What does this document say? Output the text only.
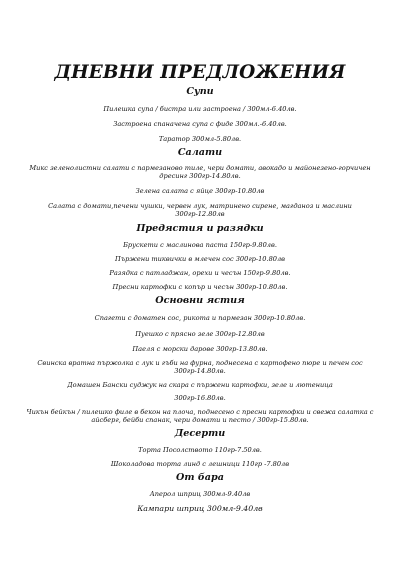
ДНЕВНИ ПРЕДЛОЖЕНИЯ
Супи
Пилешка супа / бистра или застроена / 300мл-6.40лв.
Застроена спаначена супа с фиде 300мл.-6.40лв.
Таратор 300мл-5.80лв.
Салати
Микс зеленолистни салати с пармезаново тиле, чери домати, авокадо и майонезено-горчичен дресинг 300гр-14.80лв.
Зелена салата с яйце 300гр-10.80лв
Салата с домати,печени чушки, червен лук, матринено сирене, магданоз и маслини 300гр-12.80лв
Предястия и разядки
Брускети с маслинова паста 150гр-9.80лв.
Пържени тиквички в млечен сос 300гр-10.80лв
Разядка с патладжан, орехи и чесън 150гр-9.80лв.
Пресни картофки с копър и чесън 300гр-10.80лв.
Основни ястия
Спагети с доматен сос, рикота и пармезан 300гр-10.80лв.
Пуешко с прясно зеле 300гр-12.80лв
Паеля с морски дарове 300гр-13.80лв.
Свинска вратна пържолка с лук и гъби на фурна, поднесена с картофено пюре и печен сос 300гр-14.80лв.
Домашен Бански суджук на скара с пържени картофки, зеле и лютеница
300гр-16.80лв.
Чикън бейкън / пилешко филе в бекон на плоча, поднесено с пресни картофки и свежа салатка с айсберг, бейби спанак, чери домати и песто / 300гр-15.80лв.
Десерти
Торта Посолството 110гр-7.50лв.
Шоколадова торта линд с лешници 110гр -7.80лв
От бара
Аперол шприц 300мл-9.40лв
Кампари шприц 300мл-9.40лв
